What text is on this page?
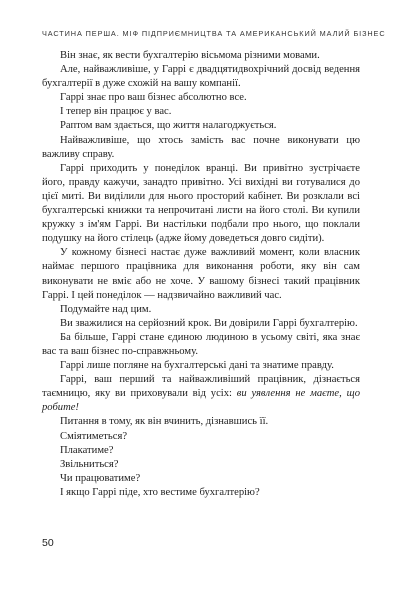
ЧАСТИНА ПЕРША. МІФ ПІДПРИЄМНИЦТВА ТА АМЕРИКАНСЬКИЙ МАЛИЙ БІЗНЕС

Він знає, як вести бухгалтерію вісьмома різними мовами.

Але, найважливіше, у Гаррі є двадцятидвохрічний досвід ведення бухгалтерії в дуже схожій на вашу компанії.

Гаррі знає про ваш бізнес абсолютно все.

І тепер він працює у вас.

Раптом вам здається, що життя налагоджується.

Найважливіше, що хтось замість вас почне виконувати цю важливу справу.

Гаррі приходить у понеділок вранці. Ви привітно зустрічаєте його, правду кажучи, занадто привітно. Усі вихідні ви готувалися до цієї миті. Ви виділили для нього просторий кабінет. Ви розклали всі бухгалтерські книжки та непрочитані листи на його столі. Ви купили кружку з ім'ям Гаррі. Ви настільки подбали про нього, що поклали подушку на його стілець (адже йому доведеться довго сидіти).

У кожному бізнесі настає дуже важливий момент, коли власник наймає першого працівника для виконання роботи, яку він сам виконувати не вміє або не хоче. У вашому бізнесі такий працівник Гаррі. І цей понеділок — надзвичайно важливий час.

Подумайте над цим.

Ви зважилися на серйозний крок. Ви довірили Гаррі бухгалтерію.

Ба більше, Гаррі стане єдиною людиною в усьому світі, яка знає вас та ваш бізнес по-справжньому.

Гаррі лише погляне на бухгалтерські дані та знатиме правду.

Гаррі, ваш перший та найважливіший працівник, дізнається таємницю, яку ви приховували від усіх: ви уявлення не маєте, що робите!

Питання в тому, як він вчинить, дізнавшись її.

Сміятиметься?

Плакатиме?

Звільниться?

Чи працюватиме?

І якщо Гаррі піде, хто вестиме бухгалтерію?

50
